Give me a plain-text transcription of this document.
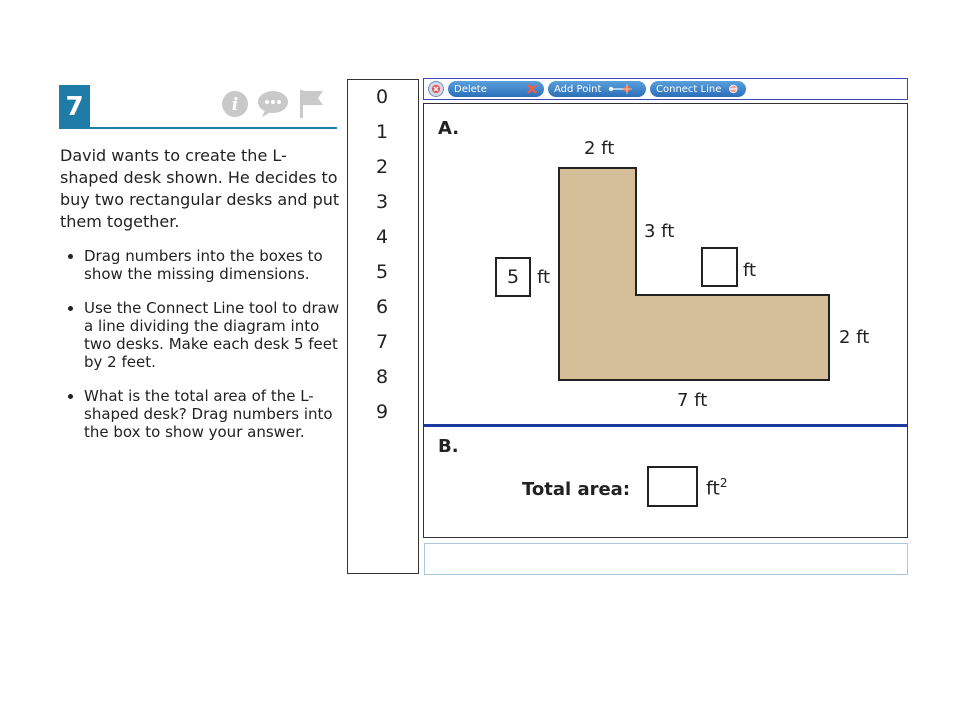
7	i

David wants to create the L-shaped desk shown. He decides to buy two rectangular desks and put them together.

• Drag numbers into the boxes to show the missing dimensions.
• Use the Connect Line tool to draw a line dividing the diagram into two desks. Make each desk 5 feet by 2 feet.
• What is the total area of the L-shaped desk? Drag numbers into the box to show your answer.
0
1
2
3
4
5
6
7
8
9
Delete	Add Point	Connect Line
A.
2 ft
3 ft
2 ft
7 ft
5 ft	ft
B.
Total area:	$ft^2$
